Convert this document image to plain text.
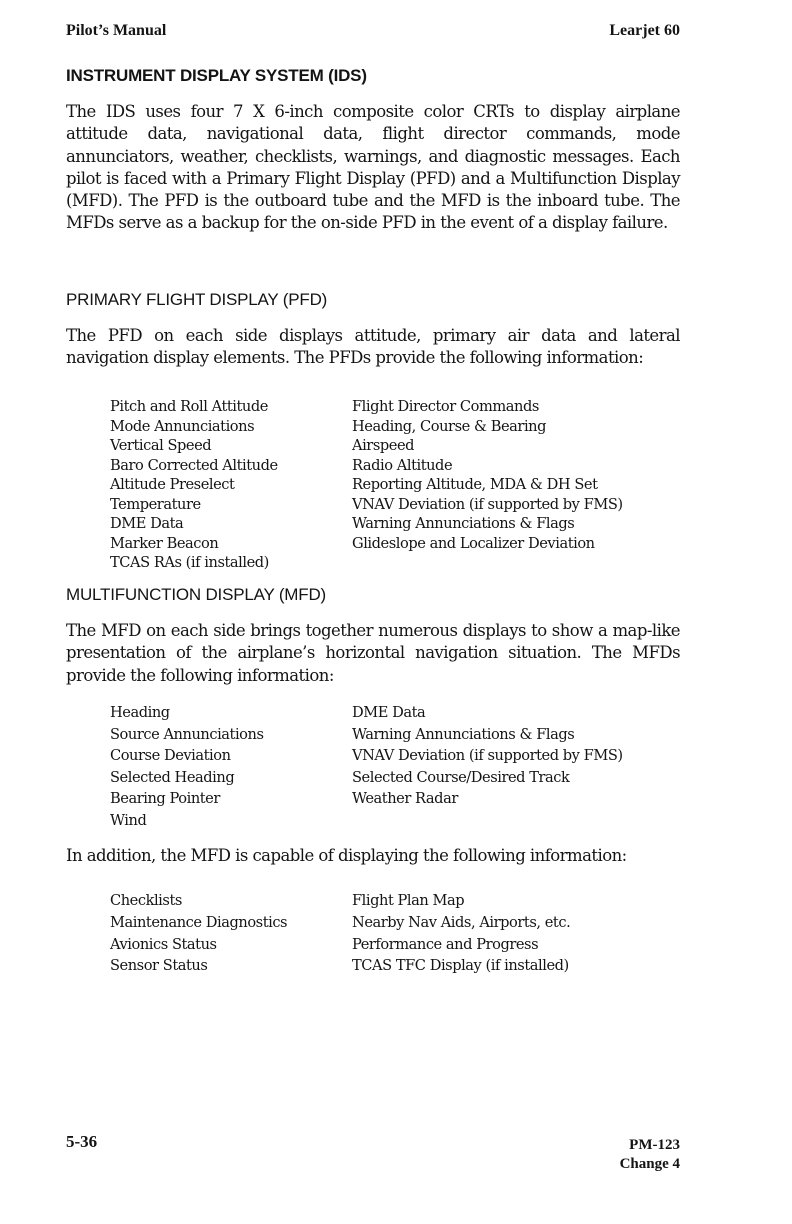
Pilot’s Manual	Learjet 60
INSTRUMENT DISPLAY SYSTEM (IDS)

The IDS uses four 7 X 6-inch composite color CRTs to display airplane attitude data, navigational data, flight director commands, mode annunciators, weather, checklists, warnings, and diagnostic messages. Each pilot is faced with a Primary Flight Display (PFD) and a Multifunction Display (MFD). The PFD is the outboard tube and the MFD is the inboard tube. The MFDs serve as a backup for the on-side PFD in the event of a display failure.

PRIMARY FLIGHT DISPLAY (PFD)

The PFD on each side displays attitude, primary air data and lateral navigation display elements. The PFDs provide the following information:

Pitch and Roll Attitude	Flight Director Commands
Mode Annunciations	Heading, Course & Bearing
Vertical Speed	Airspeed
Baro Corrected Altitude	Radio Altitude
Altitude Preselect	Reporting Altitude, MDA & DH Set
Temperature	VNAV Deviation (if supported by FMS)
DME Data	Warning Annunciations & Flags
Marker Beacon	Glideslope and Localizer Deviation
TCAS RAs (if installed)
MULTIFUNCTION DISPLAY (MFD)

The MFD on each side brings together numerous displays to show a map-like presentation of the airplane’s horizontal navigation situation. The MFDs provide the following information:

Heading	DME Data
Source Annunciations	Warning Annunciations & Flags
Course Deviation	VNAV Deviation (if supported by FMS)
Selected Heading	Selected Course/Desired Track
Bearing Pointer	Weather Radar
Wind

In addition, the MFD is capable of displaying the following information:

Checklists	Flight Plan Map
Maintenance Diagnostics	Nearby Nav Aids, Airports, etc.
Avionics Status	Performance and Progress
Sensor Status	TCAS TFC Display (if installed)
5-36	PM-123
Change 4
